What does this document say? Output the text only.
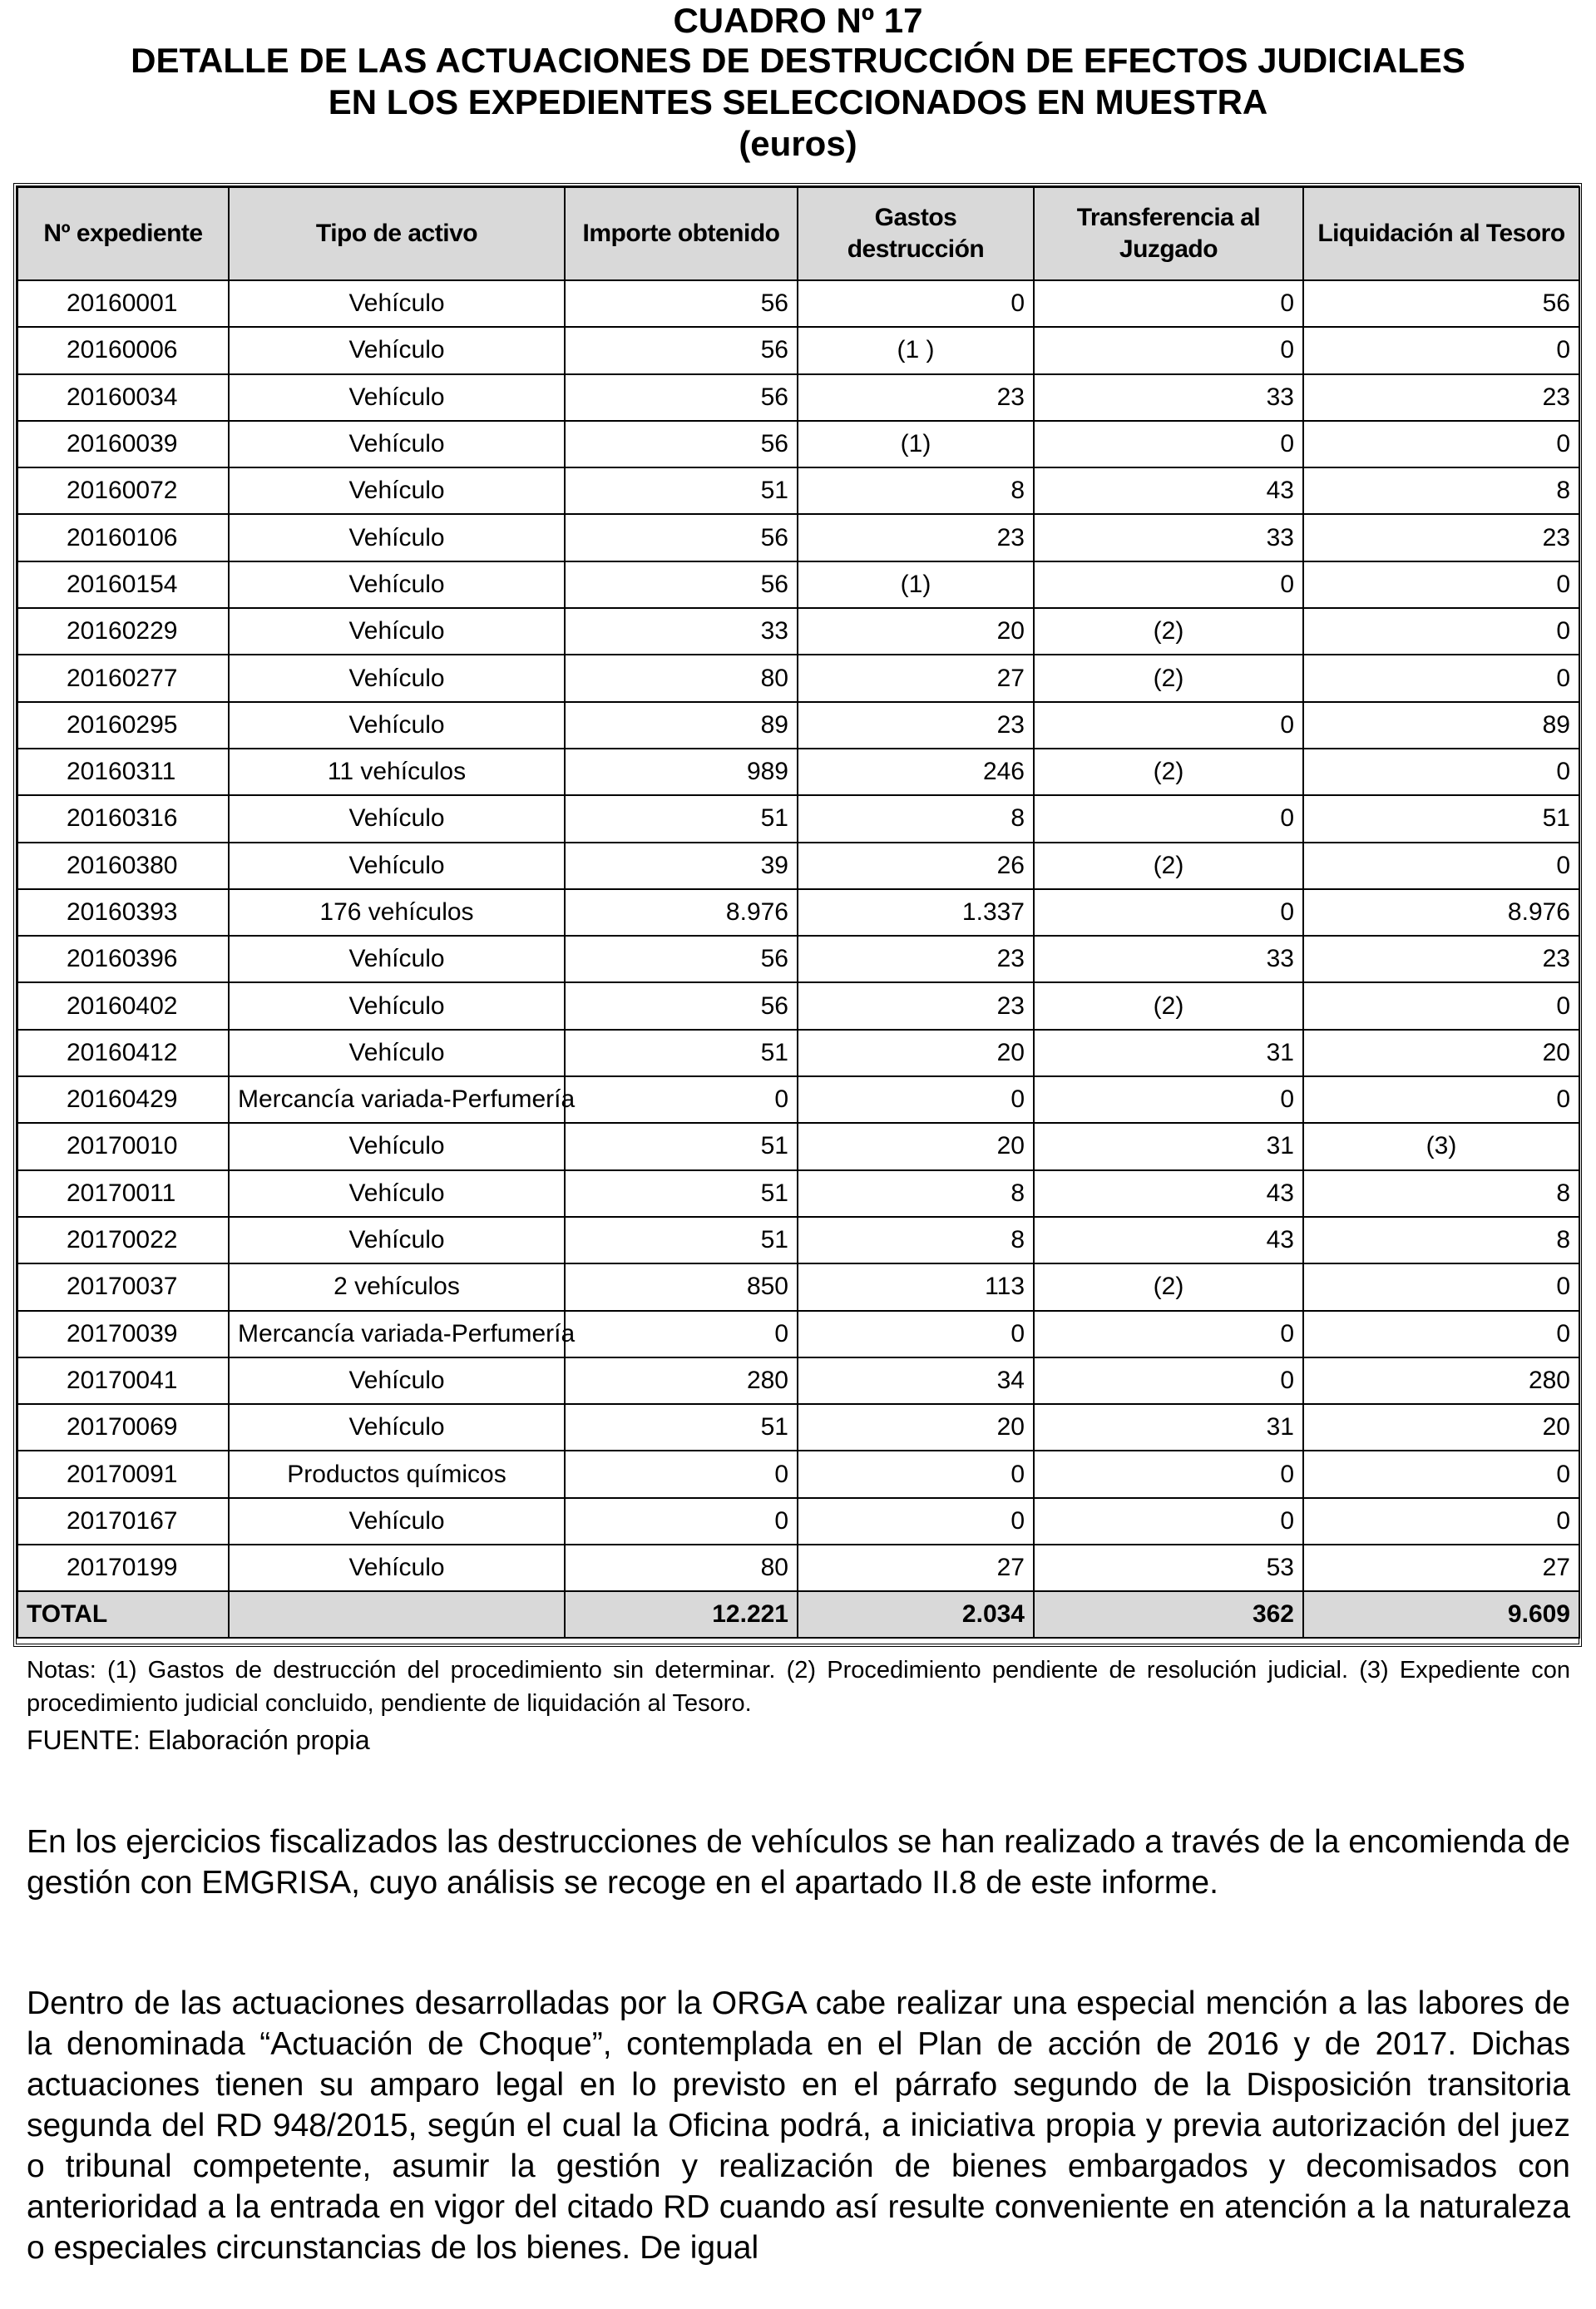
CUADRO Nº 17
DETALLE DE LAS ACTUACIONES DE DESTRUCCIÓN DE EFECTOS JUDICIALES
EN LOS EXPEDIENTES SELECCIONADOS EN MUESTRA
(euros)
Nº expediente	Tipo de activo	Importe obtenido	Gastos destrucción	Transferencia al Juzgado	Liquidación al Tesoro
20160001	Vehículo	56	0	0	56
20160006	Vehículo	56	(1 )	0	0
20160034	Vehículo	56	23	33	23
20160039	Vehículo	56	(1)	0	0
20160072	Vehículo	51	8	43	8
20160106	Vehículo	56	23	33	23
20160154	Vehículo	56	(1)	0	0
20160229	Vehículo	33	20	(2)	0
20160277	Vehículo	80	27	(2)	0
20160295	Vehículo	89	23	0	89
20160311	11 vehículos	989	246	(2)	0
20160316	Vehículo	51	8	0	51
20160380	Vehículo	39	26	(2)	0
20160393	176 vehículos	8.976	1.337	0	8.976
20160396	Vehículo	56	23	33	23
20160402	Vehículo	56	23	(2)	0
20160412	Vehículo	51	20	31	20
20160429	Mercancía variada-Perfumería	0	0	0	0
20170010	Vehículo	51	20	31	(3)
20170011	Vehículo	51	8	43	8
20170022	Vehículo	51	8	43	8
20170037	2 vehículos	850	113	(2)	0
20170039	Mercancía variada-Perfumería	0	0	0	0
20170041	Vehículo	280	34	0	280
20170069	Vehículo	51	20	31	20
20170091	Productos químicos	0	0	0	0
20170167	Vehículo	0	0	0	0
20170199	Vehículo	80	27	53	27
TOTAL		12.221	2.034	362	9.609
Notas: (1) Gastos de destrucción del procedimiento sin determinar. (2) Procedimiento pendiente de resolución judicial. (3) Expediente con procedimiento judicial concluido, pendiente de liquidación al Tesoro.
FUENTE: Elaboración propia
En los ejercicios fiscalizados las destrucciones de vehículos se han realizado a través de la encomienda de gestión con EMGRISA, cuyo análisis se recoge en el apartado II.8 de este informe.
Dentro de las actuaciones desarrolladas por la ORGA cabe realizar una especial mención a las labores de la denominada “Actuación de Choque”, contemplada en el Plan de acción de 2016 y de 2017. Dichas actuaciones tienen su amparo legal en lo previsto en el párrafo segundo de la Disposición transitoria segunda del RD 948/2015, según el cual la Oficina podrá, a iniciativa propia y previa autorización del juez o tribunal competente, asumir la gestión y realización de bienes embargados y decomisados con anterioridad a la entrada en vigor del citado RD cuando así resulte conveniente en atención a la naturaleza o especiales circunstancias de los bienes. De igual
